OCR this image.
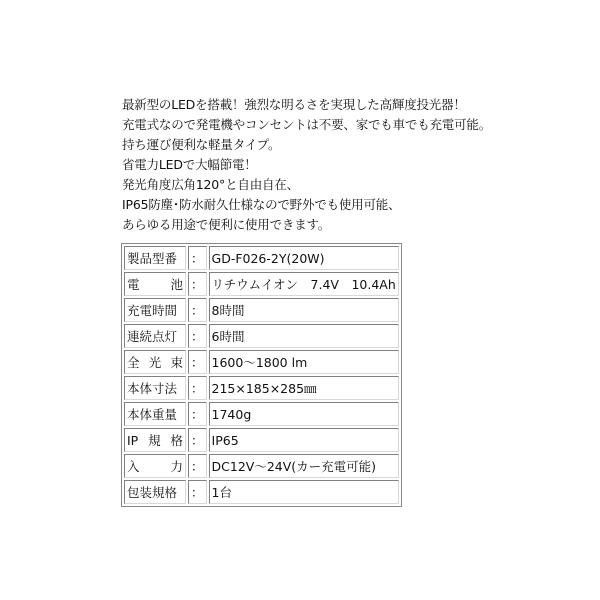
最新型のLEDを搭載！強烈な明るさを実現した高輝度投光器！
充電式なので発電機やコンセントは不要、家でも車でも充電可能。
持ち運び便利な軽量タイプ。
省電力LEDで大幅節電！
発光角度広角120°と自由自在、
IP65防塵･防水耐久仕様なので野外でも使用可能、
あらゆる用途で便利に使用できます。
製品型番	：	GD-F026-2Y(20W)
電　池	：	リチウムイオン　7.4V　10.4Ah
充電時間	：	8時間
連続点灯	：	6時間
全光束	：	1600～1800 lm
本体寸法	：	215×185×285㎜
本体重量	：	1740g
IP規格	：	IP65
入　力	：	DC12V～24V(カー充電可能)
包装規格	：	1台
